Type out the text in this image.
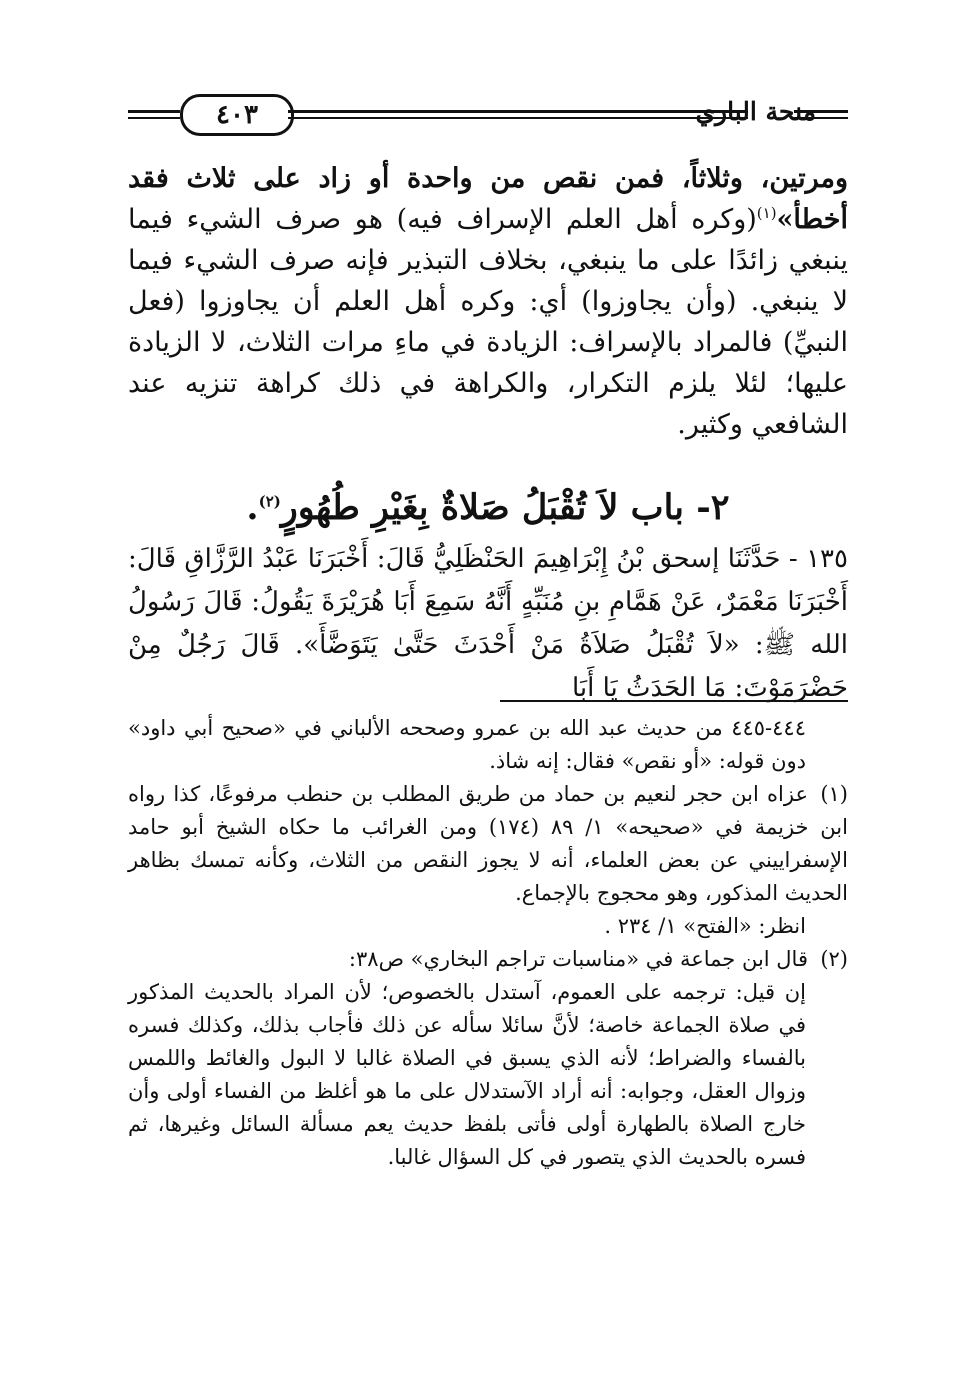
٤٠٣	منحة الباري

ومرتين، وثلاثاً، فمن نقص من واحدة أو زاد على ثلاث فقد أخطأ»$^{(١)}$(وكره أهل العلم الإسراف فيه) هو صرف الشيء فيما ينبغي زائدًا على ما ينبغي، بخلاف التبذير فإنه صرف الشيء فيما لا ينبغي. (وأن يجاوزوا) أي: وكره أهل العلم أن يجاوزوا (فعل النبيِّ) فالمراد بالإسراف: الزيادة في ماءِ مرات الثلاث، لا الزيادة عليها؛ لئلا يلزم التكرار، والكراهة في ذلك كراهة تنزيه عند الشافعي وكثير.

٢- باب لاَ تُقْبَلُ صَلاةٌ بِغَيْرِ طُهُورٍ$^{(٢)}$.
١٣٥ - حَدَّثَنَا إسحق بْنُ إِبْرَاهِيمَ الحَنْظَلِيُّ قَالَ: أَخْبَرَنَا عَبْدُ الرَّزَّاقِ قَالَ: أَخْبَرَنَا مَعْمَرٌ، عَنْ هَمَّامِ بنِ مُنَبِّهٍ أَنَّهُ سَمِعَ أَبَا هُرَيْرَةَ يَقُولُ: قَالَ رَسُولُ الله ﷺ: «لاَ تُقْبَلُ صَلاَةُ مَنْ أَحْدَثَ حَتَّىٰ يَتَوَضَّأَ». قَالَ رَجُلٌ مِنْ حَضْرَمَوْتَ: مَا الحَدَثُ يَا أَبَا

٤٤٤-٤٤٥ من حديث عبد الله بن عمرو وصححه الألباني في «صحيح أبي داود» دون قوله: «أو نقص» فقال: إنه شاذ.

(١)عزاه ابن حجر لنعيم بن حماد من طريق المطلب بن حنطب مرفوعًا، كذا رواه ابن خزيمة في «صحيحه» ١/ ٨٩ (١٧٤) ومن الغرائب ما حكاه الشيخ أبو حامد الإسفراييني عن بعض العلماء، أنه لا يجوز النقص من الثلاث، وكأنه تمسك بظاهر الحديث المذكور، وهو محجوج بالإجماع.

انظر: «الفتح» ١/ ٢٣٤ .

(٢)قال ابن جماعة في «مناسبات تراجم البخاري» ص٣٨:

إن قيل: ترجمه على العموم، آستدل بالخصوص؛ لأن المراد بالحديث المذكور في صلاة الجماعة خاصة؛ لأنَّ سائلا سأله عن ذلك فأجاب بذلك، وكذلك فسره بالفساء والضراط؛ لأنه الذي يسبق في الصلاة غالبا لا البول والغائط واللمس وزوال العقل، وجوابه: أنه أراد الآستدلال على ما هو أغلظ من الفساء أولى وأن خارج الصلاة بالطهارة أولى فأتى بلفظ حديث يعم مسألة السائل وغيرها، ثم فسره بالحديث الذي يتصور في كل السؤال غالبا.
